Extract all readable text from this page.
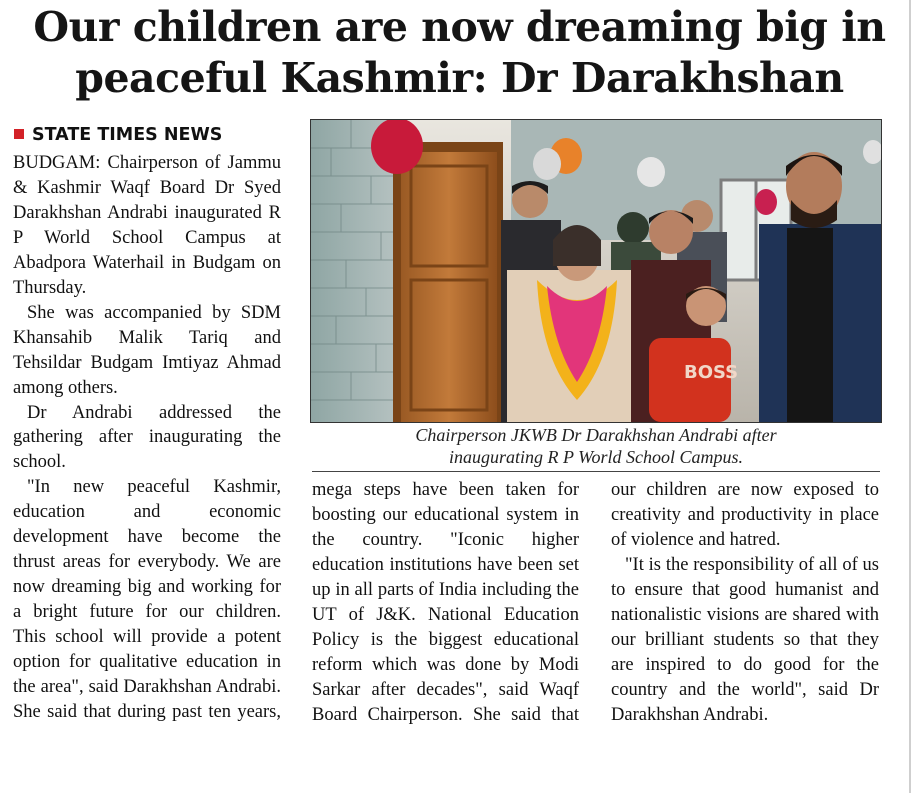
Our children are now dreaming big in
peaceful Kashmir: Dr Darakhshan
STATE TIMES NEWS

BUDGAM: Chairperson of Jammu & Kashmir Waqf Board Dr Syed Darakhshan Andrabi inaugurated R P World School Campus at Abadpora Waterhail in Budgam on Thursday.

She was accompanied by SDM Khansahib Malik Tariq and Tehsildar Budgam Imtiyaz Ahmad among others.

Dr Andrabi addressed the gathering after inaugurating the school.

"In new peaceful Kashmir, education and economic development have become the thrust areas for everybody. We are now dreaming big and working for a bright future for our children. This school will provide a potent option for qualitative education in the area", said Darakhshan Andrabi. She said that during past ten years,

BOSS
Chairperson JKWB Dr Darakhshan Andrabi after
inaugurating R P World School Campus.

mega steps have been taken for boosting our educational system in the country. "Iconic higher education institutions have been set up in all parts of India including the UT of J&K. National Education Policy is the biggest educational reform which was done by Modi Sarkar after decades", said Waqf Board Chairperson. She said that

our children are now exposed to creativity and productivity in place of violence and hatred.

"It is the responsibility of all of us to ensure that good humanist and nationalistic visions are shared with our brilliant students so that they are inspired to do good for the country and the world", said Dr Darakhshan Andrabi.
